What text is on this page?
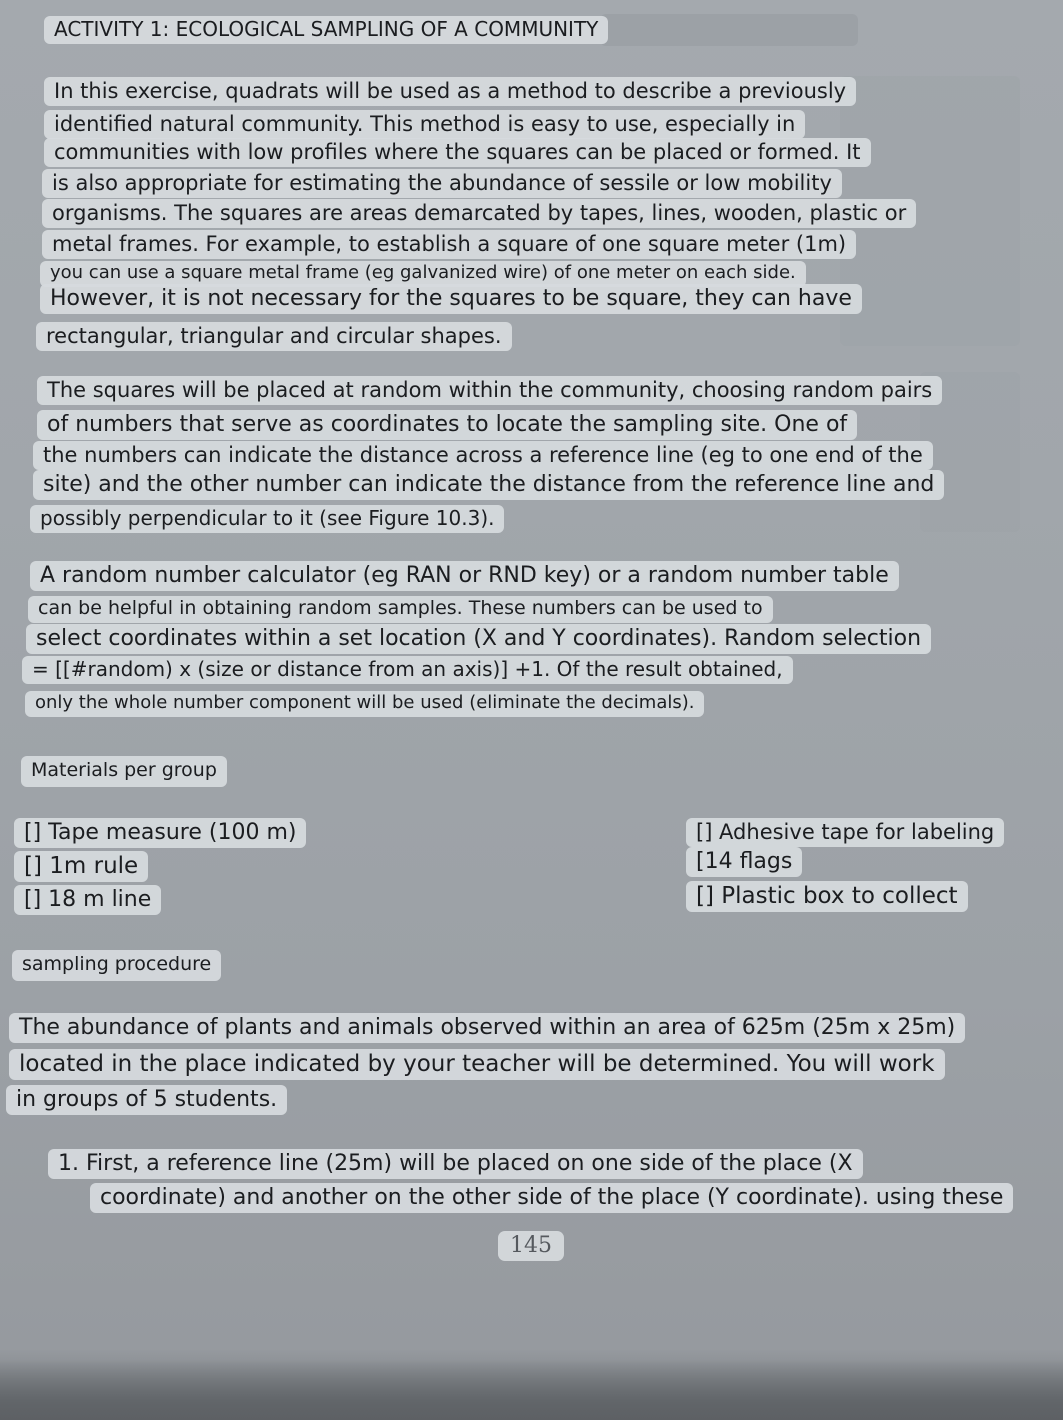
ACTIVITY 1: ECOLOGICAL SAMPLING OF A COMMUNITY
In this exercise, quadrats will be used as a method to describe a previously
identified natural community. This method is easy to use, especially in
communities with low profiles where the squares can be placed or formed. It
is also appropriate for estimating the abundance of sessile or low mobility
organisms. The squares are areas demarcated by tapes, lines, wooden, plastic or
metal frames. For example, to establish a square of one square meter (1m)
you can use a square metal frame (eg galvanized wire) of one meter on each side.
However, it is not necessary for the squares to be square, they can have
rectangular, triangular and circular shapes.
The squares will be placed at random within the community, choosing random pairs
of numbers that serve as coordinates to locate the sampling site. One of
the numbers can indicate the distance across a reference line (eg to one end of the
site) and the other number can indicate the distance from the reference line and
possibly perpendicular to it (see Figure 10.3).
A random number calculator (eg RAN or RND key) or a random number table
can be helpful in obtaining random samples. These numbers can be used to
select coordinates within a set location (X and Y coordinates). Random selection
= [[#random) x (size or distance from an axis)] +1. Of the result obtained,
only the whole number component will be used (eliminate the decimals).
Materials per group
[] Tape measure (100 m)
[] 1m rule
[] 18 m line
[] Adhesive tape for labeling
[14 flags
[] Plastic box to collect
sampling procedure
The abundance of plants and animals observed within an area of 625m (25m x 25m)
located in the place indicated by your teacher will be determined. You will work
in groups of 5 students.
1. First, a reference line (25m) will be placed on one side of the place (X
coordinate) and another on the other side of the place (Y coordinate). using these
145
